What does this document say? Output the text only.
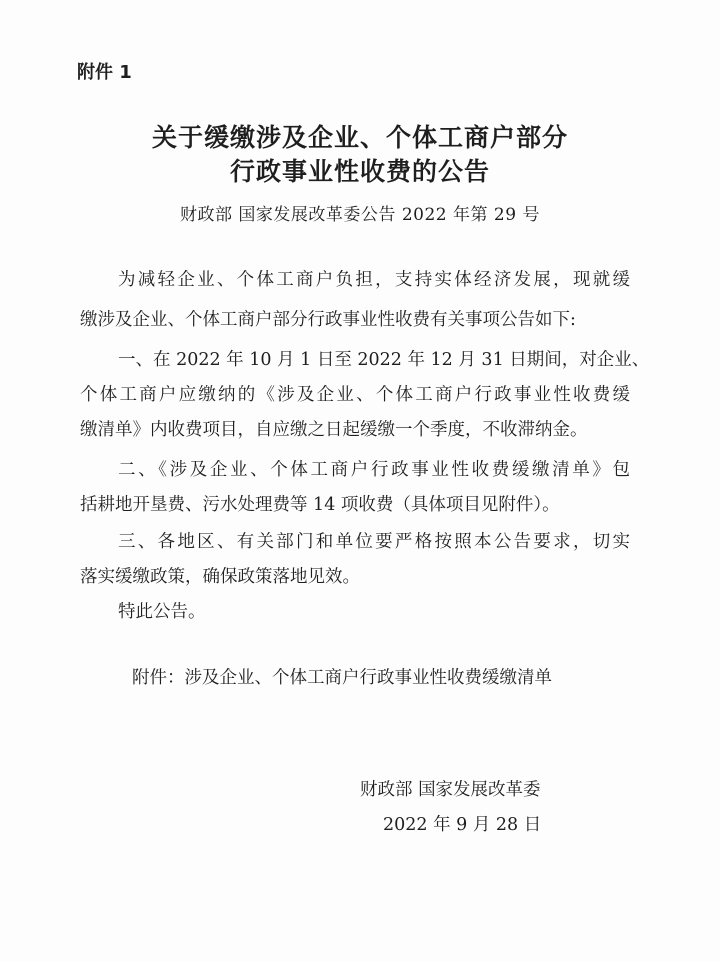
附件 1
关于缓缴涉及企业、个体工商户部分
行政事业性收费的公告
财政部 国家发展改革委公告 2022 年第 29 号
为减轻企业、个体工商户负担，支持实体经济发展，现就缓
缴涉及企业、个体工商户部分行政事业性收费有关事项公告如下:
一、在 2022 年 10 月 1 日至 2022 年 12 月 31 日期间，对企业、
个体工商户应缴纳的《涉及企业、个体工商户行政事业性收费缓
缴清单》内收费项目，自应缴之日起缓缴一个季度，不收滞纳金。
二、《涉及企业、个体工商户行政事业性收费缓缴清单》包
括耕地开垦费、污水处理费等 14 项收费（具体项目见附件）。
三、各地区、有关部门和单位要严格按照本公告要求，切实
落实缓缴政策，确保政策落地见效。
特此公告。
附件：涉及企业、个体工商户行政事业性收费缓缴清单
财政部 国家发展改革委
2022 年 9 月 28 日
